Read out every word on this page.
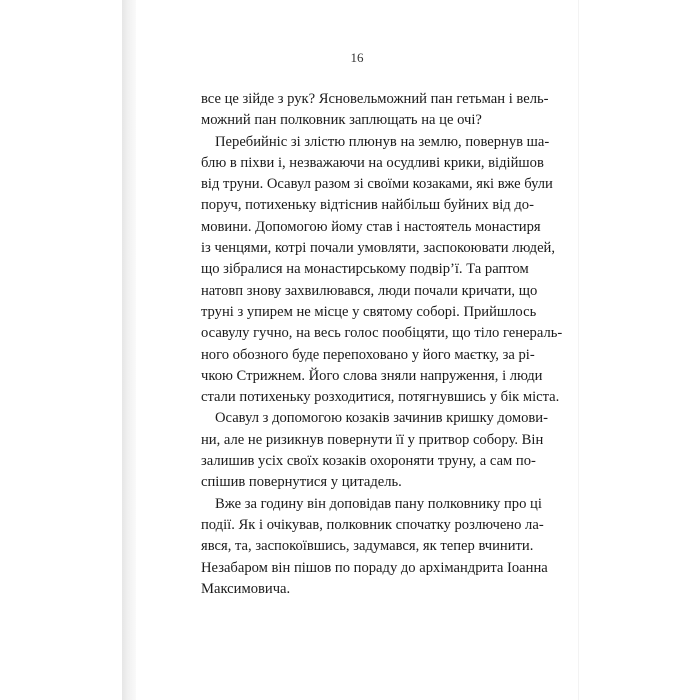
16

все це зійде з рук? Ясновельможний пан гетьман і вель-
можний пан полковник заплющать на це очі?

Перебийніс зі злістю плюнув на землю, повернув ша-
блю в піхви і, незважаючи на осудливі крики, відійшов
від труни. Осавул разом зі своїми козаками, які вже були
поруч, потихеньку відтіснив найбільш буйних від до-
мовини. Допомогою йому став і настоятель монастиря
із ченцями, котрі почали умовляти, заспокоювати людей,
що зібралися на монастирському подвір’ї. Та раптом
натовп знову захвилювався, люди почали кричати, що
труні з упирем не місце у святому соборі. Прийшлось
осавулу гучно, на весь голос пообіцяти, що тіло генераль-
ного обозного буде перепоховано у його маєтку, за рі-
чкою Стрижнем. Його слова зняли напруження, і люди
стали потихеньку розходитися, потягнувшись у бік міста.

Осавул з допомогою козаків зачинив кришку домови-
ни, але не ризикнув повернути її у притвор собору. Він
залишив усіх своїх козаків охороняти труну, а сам по-
спішив повернутися у цитадель.

Вже за годину він доповідав пану полковнику про ці
події. Як і очікував, полковник спочатку розлючено ла-
явся, та, заспокоївшись, задумався, як тепер вчинити.
Незабаром він пішов по пораду до архімандрита Іоанна
Максимовича.
